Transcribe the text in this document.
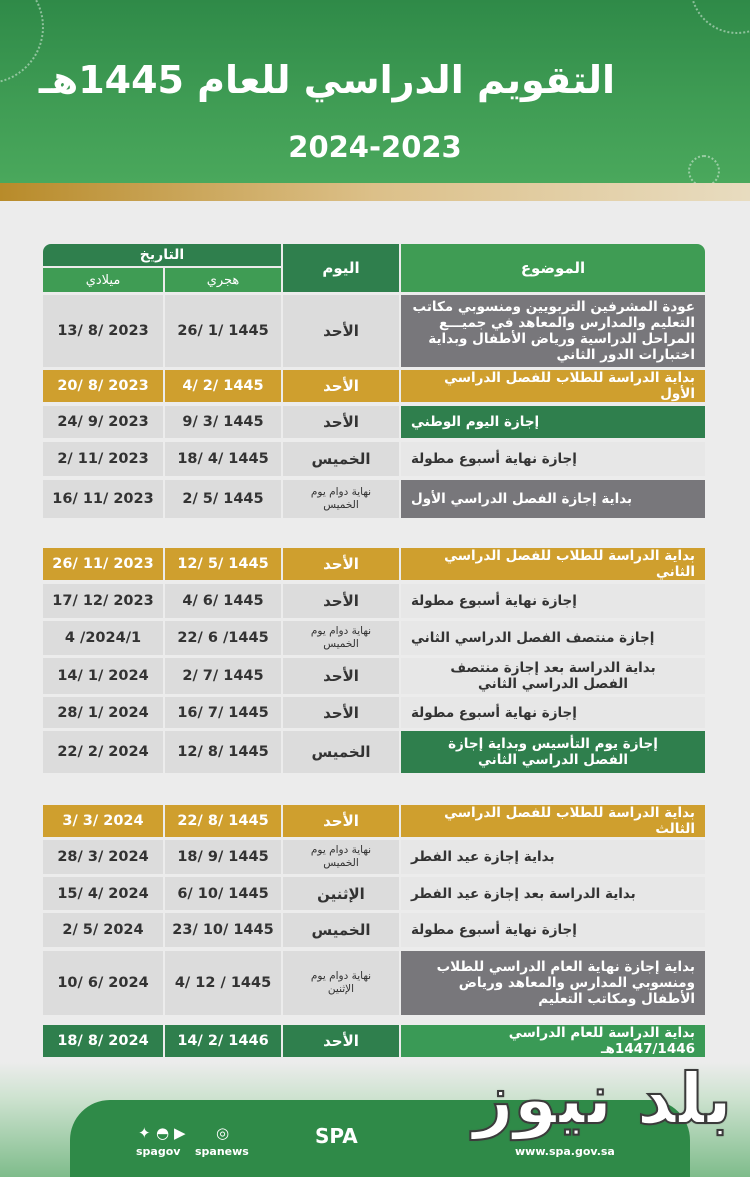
التقويم الدراسي للعام 1445هـ
2024-2023
الموضوع
اليوم
التاريخ
هجري
ميلادي
عودة المشرفين التربويين ومنسوبي مكاتب التعليم والمدارس والمعاهد في جميـــع المراحل الدراسية ورياض الأطفال وبداية اختبارات الدور الثاني
الأحد
26/ 1/ 1445
13/ 8/ 2023
بداية الدراسة للطلاب للفصل الدراسي الأول
الأحد
4/ 2/ 1445
20/ 8/ 2023
إجازة اليوم الوطني
الأحد
9/ 3/ 1445
24/ 9/ 2023
إجازة نهاية أسبوع مطولة
الخميس
18/ 4/ 1445
2/ 11/ 2023
بداية إجازة الفصل الدراسي الأول
نهاية دوام يوم الخميس
2/ 5/ 1445
16/ 11/ 2023
بداية الدراسة للطلاب للفصل الدراسي الثاني
الأحد
12/ 5/ 1445
26/ 11/ 2023
إجازة نهاية أسبوع مطولة
الأحد
4/ 6/ 1445
17/ 12/ 2023
إجازة منتصف الفصل الدراسي الثاني
نهاية دوام يوم الخميس
22/ 6 /1445
4 /2024/1
بداية الدراسة بعد إجازة منتصف الفصل الدراسي الثاني
الأحد
2/ 7/ 1445
14/ 1/ 2024
إجازة نهاية أسبوع مطولة
الأحد
16/ 7/ 1445
28/ 1/ 2024
إجازة يوم التأسيس وبداية إجازة الفصل الدراسي الثاني
الخميس
12/ 8/ 1445
22/ 2/ 2024
بداية الدراسة للطلاب للفصل الدراسي الثالث
الأحد
22/ 8/ 1445
3/ 3/ 2024
بداية إجازة عيد الفطر
نهاية دوام يوم الخميس
18/ 9/ 1445
28/ 3/ 2024
بداية الدراسة بعد إجازة عيد الفطر
الإثنين
6/ 10/ 1445
15/ 4/ 2024
إجازة نهاية أسبوع مطولة
الخميس
23/ 10/ 1445
2/ 5/ 2024
بداية إجازة نهاية العام الدراسي للطلاب ومنسوبي المدارس والمعاهد ورياض الأطفال ومكاتب التعليم
نهاية دوام يوم الإثنين
4/ 12 / 1445
10/ 6/ 2024
بداية الدراسة للعام الدراسي 1447/1446هـ
الأحد
14/ 2/ 1446
18/ 8/ 2024
✦ ◓ ▶ ◎
spagov spanews
SPA
www.spa.gov.sa
بلد نيوز
